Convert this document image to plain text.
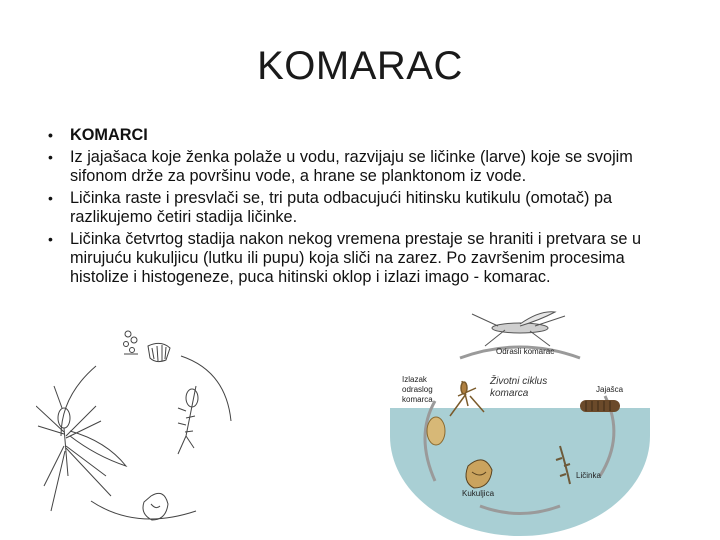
KOMARAC
• KOMARCI
• Iz jajašaca koje ženka polaže u vodu, razvijaju se ličinke (larve) koje se svojim sifonom drže za površinu vode, a hrane se planktonom iz vode.
• Ličinka raste i presvlači se, tri puta odbacujući hitinsku kutikulu (omotač) pa razlikujemo četiri stadija ličinke.
• Ličinka četvrtog stadija nakon nekog vremena prestaje se hraniti i pretvara se u mirujuću kukuljicu (lutku ili pupu) koja sliči na zarez. Po završenim procesima histolize i histogeneze, puca hitinski oklop i izlazi imago - komarac.
Odrasli komarac
Jajašca
Ličinka
Kukuljica
Izlazak
odraslog
komarca
Životni ciklus
komarca
